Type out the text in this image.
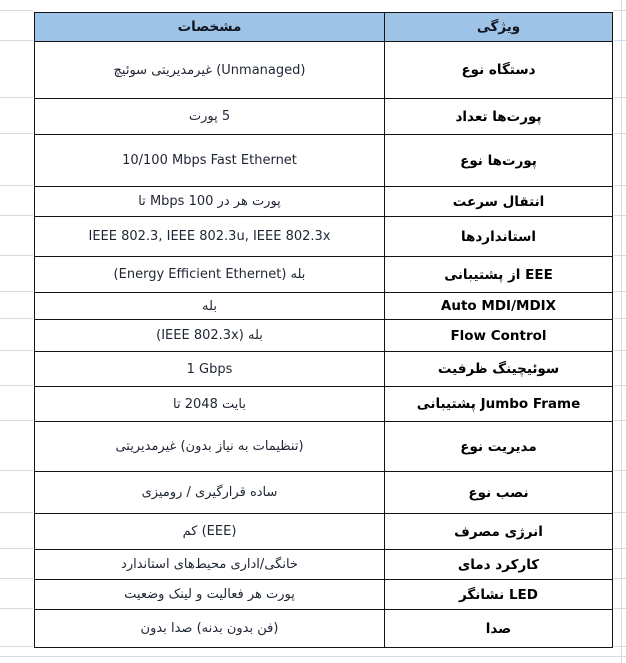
مشخصات	ویژگی
سوئیچ غیرمدیریتی (Unmanaged)	نوع دستگاه
پورت 5	تعداد پورت‌ها
10/100 Mbps Fast Ethernet	نوع پورت‌ها
تا Mbps 100 در هر پورت	سرعت انتقال
IEEE 802.3, IEEE 802.3u, IEEE 802.3x	استانداردها
(Energy Efficient Ethernet) بله	پشتیبانی از EEE
بله	Auto MDI/MDIX
(IEEE 802.3x) بله	Flow Control
1 Gbps	ظرفیت سوئیچینگ
تا 2048 بایت	پشتیبانی Jumbo Frame
غیرمدیریتی (بدون نیاز به تنظیمات)	نوع مدیریت
رومیزی / قرارگیری ساده	نوع نصب
کم (EEE)	مصرف انرژی
استاندارد محیط‌های اداری/خانگی	دمای کارکرد
وضعیت لینک و فعالیت هر پورت	نشانگر LED
بدون صدا (بدنه بدون فن)	صدا
